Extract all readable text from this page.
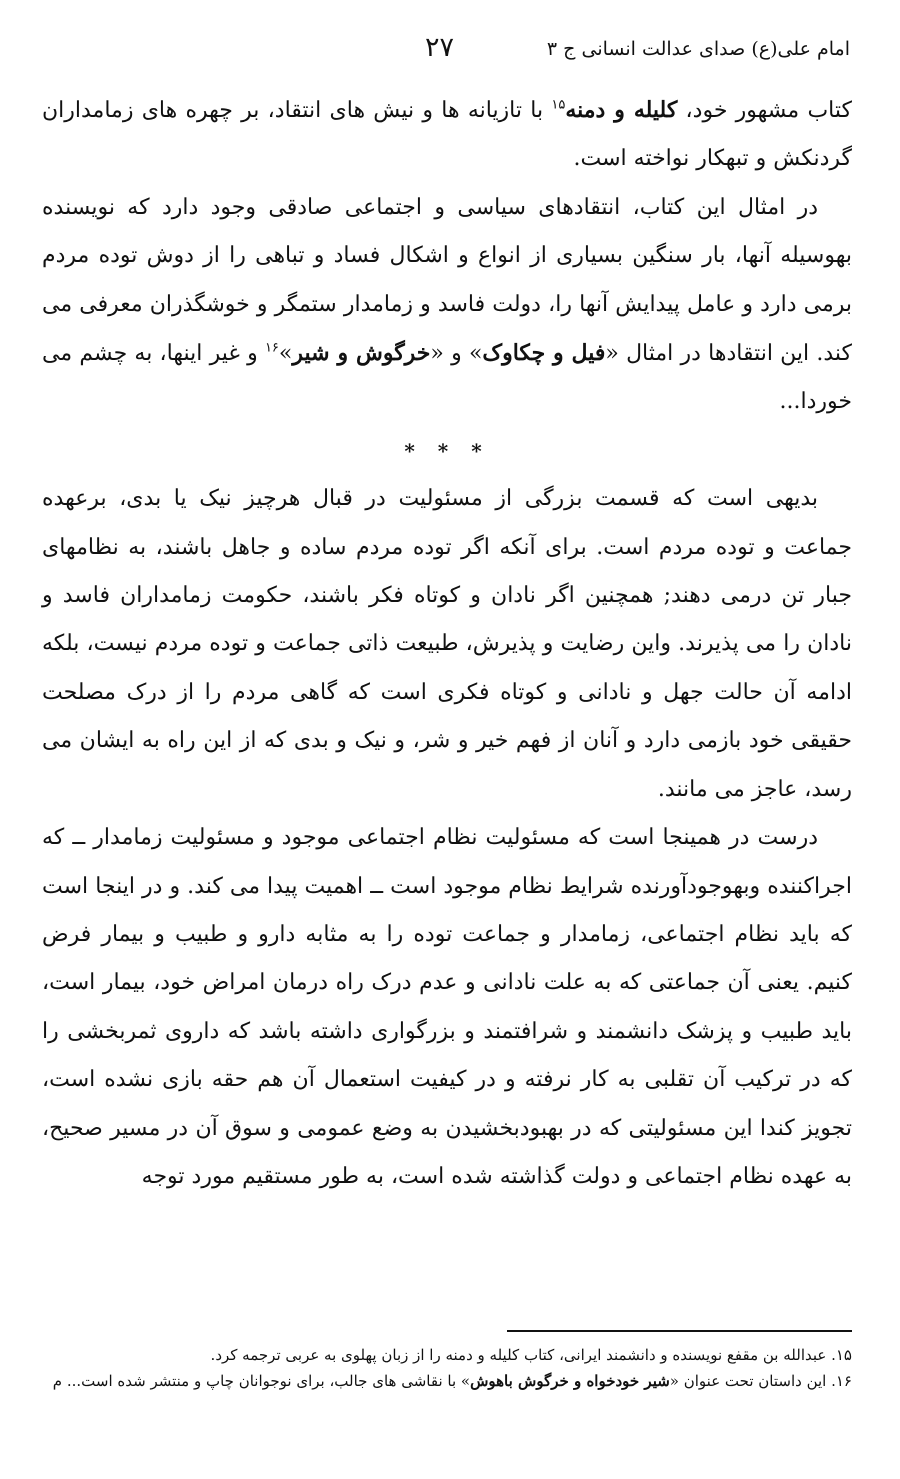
امام علی(ع) صدای عدالت انسانی ج ۳
۲۷

کتاب مشهور خود، کلیله و دمنه$^{۱۵}$ با تازیانه ها و نیش های انتقاد، بر چهره های زمامداران گردنکش و تبهکار نواخته است.

در امثال این کتاب، انتقادهای سیاسی و اجتماعی صادقی وجود دارد که نویسنده بهوسیله آنها، بار سنگین بسیاری از انواع و اشکال فساد و تباهی را از دوش توده مردم برمی دارد و عامل پیدایش آنها را، دولت فاسد و زمامدار ستمگر و خوشگذران معرفی می کند. این انتقادها در امثال «فیل و چکاوک» و «خرگوش و شیر»$^{۱۶}$ و غیر اینها، به چشم می خوردا...

* * *

بدیهی است که قسمت بزرگی از مسئولیت در قبال هرچیز نیک یا بدی، برعهده جماعت و توده مردم است. برای آنکه اگر توده مردم ساده و جاهل باشند، به نظامهای جبار تن درمی دهند; همچنین اگر نادان و کوتاه فکر باشند، حکومت زمامداران فاسد و نادان را می پذیرند. واین رضایت و پذیرش، طبیعت ذاتی جماعت و توده مردم نیست، بلکه ادامه آن حالت جهل و نادانی و کوتاه فکری است که گاهی مردم را از درک مصلحت حقیقی خود بازمی دارد و آنان از فهم خیر و شر، و نیک و بدی که از این راه به ایشان می رسد، عاجز می مانند.

درست در همینجا است که مسئولیت نظام اجتماعی موجود و مسئولیت زمامدار ــ که اجراکننده وبهوجودآورنده شرایط نظام موجود است ــ اهمیت پیدا می کند. و در اینجا است که باید نظام اجتماعی، زمامدار و جماعت توده را به مثابه دارو و طبیب و بیمار فرض کنیم. یعنی آن جماعتی که به علت نادانی و عدم درک راه درمان امراض خود، بیمار است، باید طبیب و پزشک دانشمند و شرافتمند و بزرگواری داشته باشد که داروی ثمربخشی را که در ترکیب آن تقلبی به کار نرفته و در کیفیت استعمال آن هم حقه بازی نشده است، تجویز کندا این مسئولیتی که در بهبودبخشیدن به وضع عمومی و سوق آن در مسیر صحیح، به عهده نظام اجتماعی و دولت گذاشته شده است، به طور مستقیم مورد توجه

۱۵. عبدالله بن مقفع نویسنده و دانشمند ایرانی، کتاب کلیله و دمنه را از زبان پهلوی به عربی ترجمه کرد.

۱۶. این داستان تحت عنوان «شیر خودخواه و خرگوش باهوش» با نقاشی های جالب، برای نوجوانان چاپ و منتشر شده است... م
